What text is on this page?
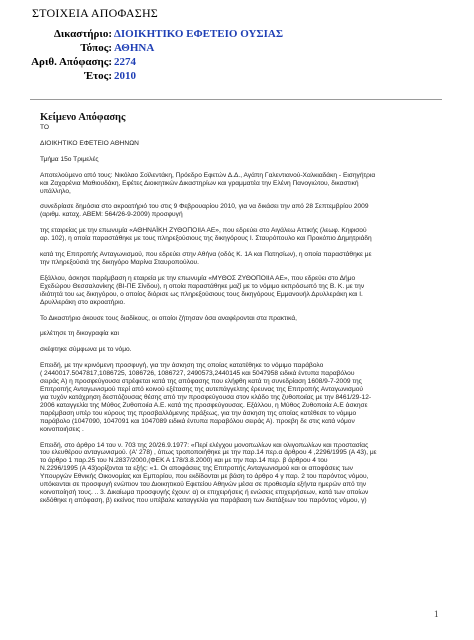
ΣΤΟΙΧΕΙΑ ΑΠΟΦΑΣΗΣ
Δικαστήριο: ΔΙΟΙΚΗΤΙΚΟ ΕΦΕΤΕΙΟ ΟΥΣΙΑΣ
Τόπος: ΑΘΗΝΑ
Αριθ. Απόφασης: 2274
Έτος: 2010
Κείμενο Απόφασης
ΤΟ
ΔΙΟΙΚΗΤΙΚΟ ΕΦΕΤΕΙΟ ΑΘΗΝΩΝ
Τμήμα 15ο Τριμελές
Αποτελούμενο από τους: Νικόλαο Σοϊλεντάκη, Πρόεδρο Εφετών Δ.Δ., Αγάπη Γαλεντιανού-Χαλκιαδάκη - Εισηγήτρια
και Ζαχαρένια Μαθιουδάκη, Εφέτες Διοικητικών Δικαστηρίων και γραμματέα την Ελένη Πανογιώτου, δικαστική
υπάλληλο,
συνεδρίασε δημόσια στο ακροατήριό του στις 9 Φεβρουαρίου 2010, για να δικάσει την από 28 Σεπτεμβρίου 2009
(αριθμ. καταχ. ΑΒΕΜ: 564/26-9-2009) προσφυγή
της εταιρείας με την επωνυμία «ΑΘΗΝΑΪΚΗ ΖΥΘΟΠΟΙΙΑ ΑΕ», που εδρεύει στο Αιγάλεω Αττικής (λεωφ. Κηφισού
αρ. 102), η οποία παραστάθηκε με τους πληρεξούσιους της δικηγόρους Ι. Σταυρόπουλο και Προκόπιο Δημητριάδη
κατά της Επιτροπής Ανταγωνισμού, που εδρεύει στην Αθήνα (οδός Κ. 1Α και Πατησίων), η οποία παραστάθηκε με
την πληρεξούσιά της δικηγόρο Μαρίνα Σταυροπούλου.
Εξάλλου, άσκησε παρέμβαση η εταιρεία με την επωνυμία «ΜΥΘΟΣ ΖΥΘΟΠΟΙΙΑ ΑΕ», που εδρεύει στο Δήμο
Εχεδώρου Θεσσαλονίκης (ΒΙ-ΠΕ Σίνδου), η οποία παραστάθηκε μαζί με το νόμιμο εκπρόσωπό της Β. Κ. με την
ιδιότητά του ως δικηγόρου, ο οποίος διόρισε ως πληρεξούσιους τους δικηγόρους Εμμανουήλ Δρυλλεράκη και Ι.
Δρυλλεράκη στο ακροατήριο.
Το Δικαστήριο άκουσε τους διαδίκους, οι οποίοι ζήτησαν όσα αναφέρονται στα πρακτικά,
μελέτησε τη δικογραφία και
σκέφτηκε σύμφωνα με το νόμο.
Επειδή, με την κρινόμενη προσφυγή, για την άσκηση της οποίας κατατέθηκε το νόμιμο παράβολο
( 2440017.5047817,1086725, 1086726, 1086727, 2490573,2440145 και 5047958 ειδικά έντυπα παραβόλου
σειράς Α) η προσφεύγουσα στρέφεται κατά της απόφασης που ελήφθη κατά τη συνεδρίαση 1608/9-7-2009 της
Επιτροπής Ανταγωνισμού περί από κοινού εξέτασης της αυτεπάγγελτης έρευνας της Επιτροπής Ανταγωνισμού
για τυχόν κατάχρηση δεσπόζουσας θέσης από την προσφεύγουσα στον κλάδο της ζυθοποιίας με την 8461/29-12-
2006 καταγγελία της Μύθος Ζυθοποιία Α.Ε. κατά της προσφεύγουσας. Εξάλλου, η Μύθος Ζυθοποιία Α.Ε άσκησε
παρέμβαση υπέρ του κύρους της προσβαλλόμενης πράξεως, για την άσκηση της οποίας κατέθεσε το νόμιμο
παράβολο (1047090, 1047091 και 1047089 ειδικά έντυπα παραβόλου σειράς Α). προεβη δε στις κατά νόμον
κοινοποιήσεις .
Επειδή, στο άρθρο 14 του ν. 703 της 20/26.9.1977: «Περί ελέγχου μονοπωλίων και ολιγοπωλίων και προστασίας
του ελευθέρου ανταγωνισμού. (Α' 278) , όπως τροποποιήθηκε με την παρ.14 περ.α άρθρου 4 ,2296/1995 (Α 43), με
το άρθρο 1 παρ.25 του Ν.2837/2000,(ΦΕΚ Α 178/3.8.2000) και με την παρ.14 περ. β άρθρου 4 του
Ν.2296/1995 (Α 43)ορίζονται τα εξής: «1. Οι αποφάσεις της Επιτροπής Ανταγωνισμού και οι αποφάσεις των
Υπουργών Εθνικής Οικονομίας και Εμπορίου, που εκδίδονται με βάση το άρθρο 4 γ παρ. 2 του παρόντος νόμου,
υπόκεινται σε προσφυγή ενώπιον του Διοικητικού Εφετείου Αθηνών μέσα σε προθεσμία εξήντα ημερών από την
κοινοποίησή τους. .. 3. Δικαίωμα προσφυγής έχουν: α) οι επιχειρήσεις ή ενώσεις επιχειρήσεων, κατά των οποίων
εκδόθηκε η απόφαση, β) εκείνος που υπέβαλε καταγγελία για παράβαση των διατάξεων του παρόντος νόμου, γ)
1
